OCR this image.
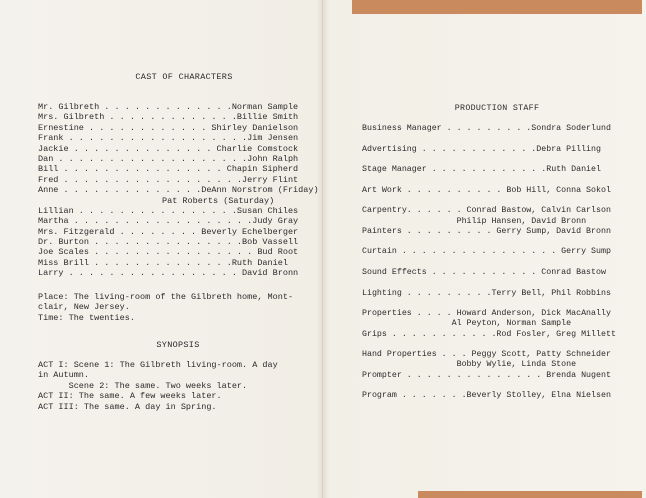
CAST OF CHARACTERS
Mr. Gilbreth . . . . . . . . . . . . .Norman Sample
Mrs. Gilbreth . . . . . . . . . . . . .Billie Smith
Ernestine . . . . . . . . . . . . Shirley Danielson
Frank . . . . . . . . . . . . . . . . . .Jim Jensen
Jackie . . . . . . . . . . . . . . Charlie Comstock
Dan . . . . . . . . . . . . . . . . . . .John Ralph
Bill . . . . . . . . . . . . . . . . Chapin Sipherd
Fred . . . . . . . . . . . . . . . . . .Jerry Flint
Anne . . . . . . . . . . . . . .DeAnn Norstrom (Friday)
Pat Roberts (Saturday)
Lillian . . . . . . . . . . . . . . . .Susan Chiles
Martha . . . . . . . . . . . . . . . . . .Judy Gray
Mrs. Fitzgerald . . . . . . . . Beverly Echelberger
Dr. Burton . . . . . . . . . . . . . . .Bob Vassell
Joe Scales . . . . . . . . . . . . . . . . Bud Root
Miss Brill . . . . . . . . . . . . . .Ruth Daniel
Larry . . . . . . . . . . . . . . . . . David Bronn
Place: The living-room of the Gilbreth home, Mont-
clair, New Jersey.
Time: The twenties.
SYNOPSIS
ACT I: Scene 1: The Gilbreth living-room. A day
in Autumn.
Scene 2: The same. Two weeks later.
ACT II: The same. A few weeks later.
ACT III: The same. A day in Spring.
PRODUCTION STAFF
Business Manager . . . . . . . . .Sondra Soderlund
Advertising . . . . . . . . . . . .Debra Pilling
Stage Manager . . . . . . . . . . . .Ruth Daniel
Art Work . . . . . . . . . . Bob Hill, Conna Sokol
Carpentry. . . . . . Conrad Bastow, Calvin Carlson
Philip Hansen, David Bronn
Painters . . . . . . . . . Gerry Sump, David Bronn
Curtain . . . . . . . . . . . . . . . . Gerry Sump
Sound Effects . . . . . . . . . . . Conrad Bastow
Lighting . . . . . . . . .Terry Bell, Phil Robbins
Properties . . . . Howard Anderson, Dick MacAnally
Al Peyton, Norman Sample
Grips . . . . . . . . . . .Rod Fosler, Greg Millett
Hand Properties . . . Peggy Scott, Patty Schneider
Bobby Wylie, Linda Stone
Prompter . . . . . . . . . . . . . . Brenda Nugent
Program . . . . . . .Beverly Stolley, Elna Nielsen
